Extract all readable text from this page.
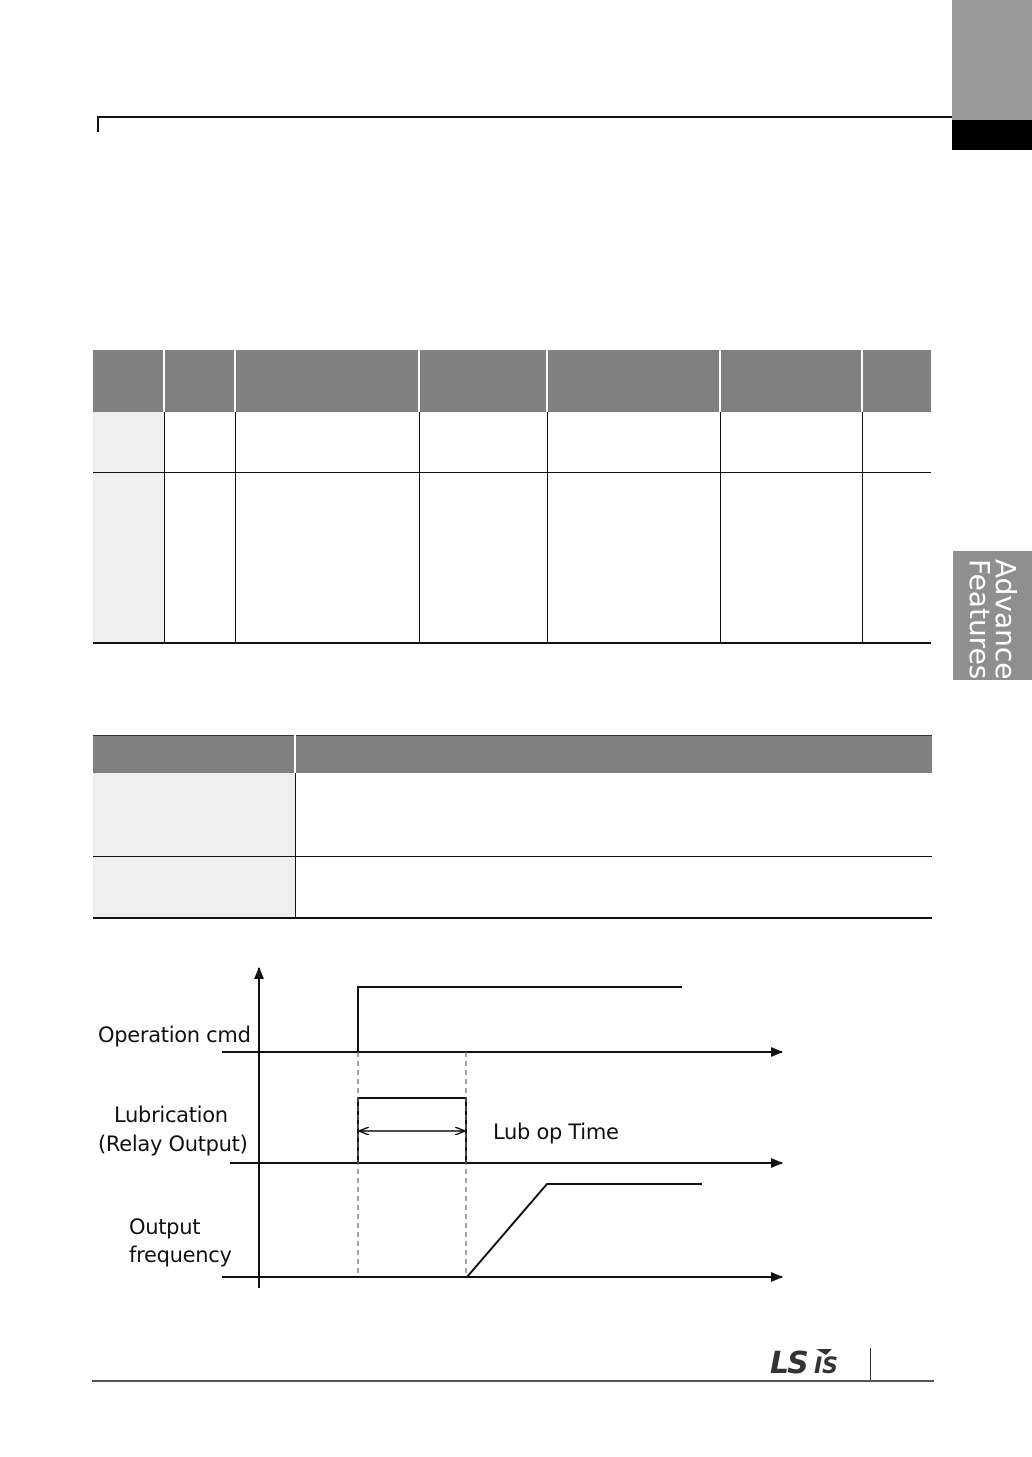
Advanced
Features

Operation cmd
Lubrication
(Relay Output)
Output
frequency
Lub op Time
LS IS
